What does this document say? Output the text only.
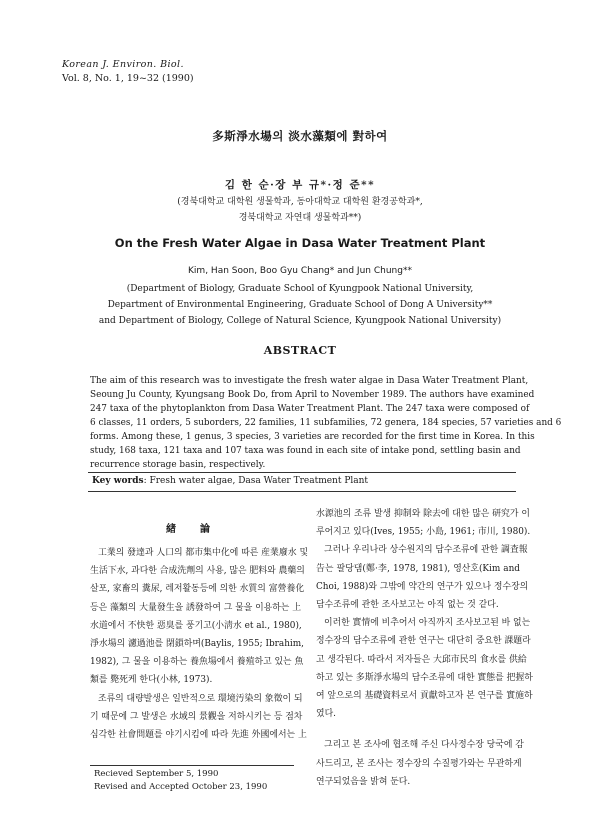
Korean J. Environ. Biol.
Vol. 8, No. 1, 19~32 (1990)
多斯淨水場의 淡水藻類에 對하여
김 한 순·장 부 규*·정 준**
(경북대학교 대학원 생물학과, 동아대학교 대학원 환경공학과*,
경북대학교 자연대 생물학과**)
On the Fresh Water Algae in Dasa Water Treatment Plant
Kim, Han Soon, Boo Gyu Chang* and Jun Chung**
(Department of Biology, Graduate School of Kyungpook National University,
Department of Environmental Engineering, Graduate School of Dong A University**
and Department of Biology, College of Natural Science, Kyungpook National University)
ABSTRACT
The aim of this research was to investigate the fresh water algae in Dasa Water Treatment Plant,
Seoung Ju County, Kyungsang Book Do, from April to November 1989. The authors have examined
247 taxa of the phytoplankton from Dasa Water Treatment Plant. The 247 taxa were composed of
6 classes, 11 orders, 5 suborders, 22 families, 11 subfamilies, 72 genera, 184 species, 57 varieties and 6
forms. Among these, 1 genus, 3 species, 3 varieties are recorded for the first time in Korea. In this
study, 168 taxa, 121 taxa and 107 taxa was found in each site of intake pond, settling basin and
recurrence storage basin, respectively.
Key words: Fresh water algae, Dasa Water Treatment Plant
緖論
工業의 發達과 人口의 都市集中化에 따른 産業廢水 및
生活下水, 과다한 合成洗劑의 사용, 많은 肥料와 農藥의
살포, 家畜의 糞尿, 레저활동등에 의한 水質의 富營養化
등은 藻類의 大量發生을 誘發하여 그 물을 이용하는 上
水道에서 不快한 惡臭를 풍기고(小淸水 et al., 1980),
淨水場의 濾過池를 閉鎖하며(Baylis, 1955; Ibrahim,
1982), 그 물을 이용하는 養魚場에서 養殖하고 있는 魚
類를 斃死케 한다(小林, 1973).
조류의 대량발생은 일반적으로 環境汚染의 象徵이 되
기 때문에 그 발생은 水域의 景觀을 저하시키는 등 점차
심각한 社會問題를 야기시킴에 따라 先進 外國에서는 上
水源池의 조류 발생 抑制와 除去에 대한 많은 研究가 이
루어지고 있다(Ives, 1955; 小島, 1961; 市川, 1980).
그러나 우리나라 상수원지의 담수조류에 관한 調査報
告는 팔당댐(鄭·李, 1978, 1981), 영산호(Kim and
Choi, 1988)와 그밖에 약간의 연구가 있으나 정수장의
담수조류에 관한 조사보고는 아직 없는 것 같다.
이러한 實情에 비추어서 아직까지 조사보고된 바 없는
정수장의 담수조류에 관한 연구는 대단히 중요한 課題라
고 생각된다. 따라서 저자들은 大邱市民의 食水를 供給
하고 있는 多斯淨水場의 담수조류에 대한 實態를 把握하
여 앞으로의 基礎資料로서 貢獻하고자 본 연구를 實施하
였다.
그리고 본 조사에 협조해 주신 다사정수장 당국에 감
사드리고, 본 조사는 정수장의 수질평가와는 무관하게
연구되었음을 밝혀 둔다.
Recieved September 5, 1990
Revised and Accepted October 23, 1990
